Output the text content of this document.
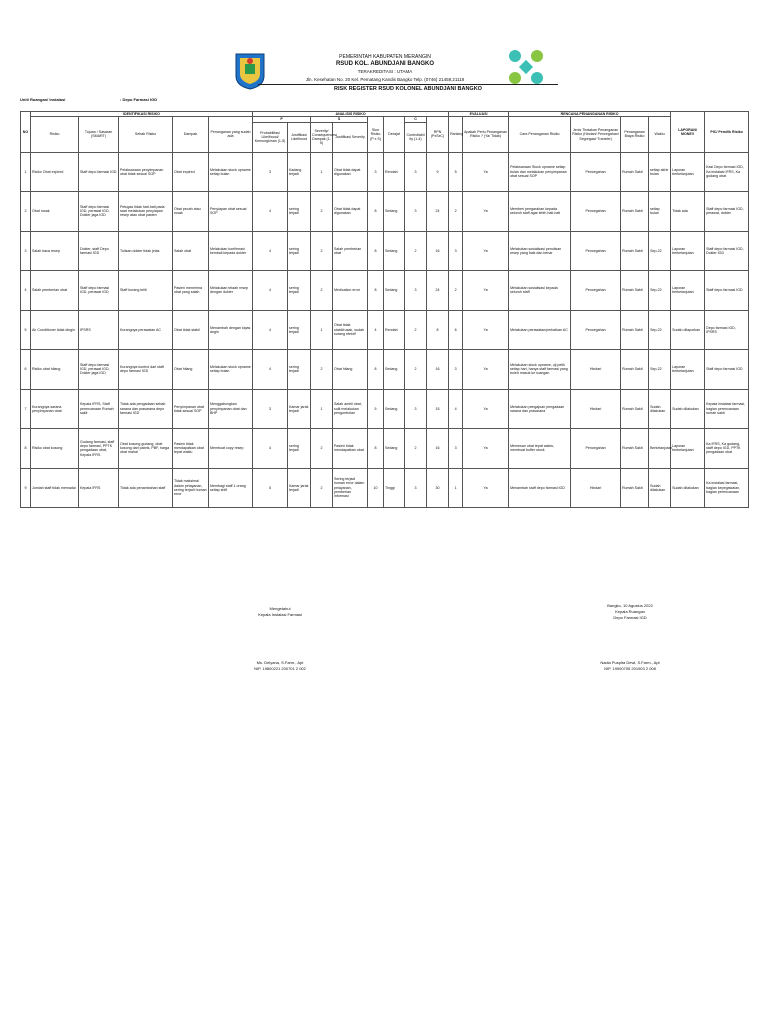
PEMERINTAH KABUPATEN MERANGIN
RSUD KOL. ABUNDJANI BANGKO
TERAKREDITASI : UTAMA
Jln. Kesehatan No. 20 Kel. Pematang Kandis Bangko Telp. (0746) 21459,21118
RISK REGISTER RSUD KOLONEL ABUNDJANI BANGKO
Unit/ Ruangan/ Instalasi	: Depo Farmasi IGD
NO	IDENTIFIKASI RISIKO					ANALISIS RISIKO								EVALUASI		RENCANA PENANGANAN RISIKO				LAPORAN/ MONEV	PIC/ Pemilik Risiko
	Risiko	Tujuan / Sasaran (SMART)	Sebab Risiko	Dampak	Penanganan yang sudah ada	P		S		Skor Risiko (P x S)	Derajat	C	RPN (PxSxC)	Ranking	Apakah Perlu Penanganan Risiko ? (Ya/ Tidak)	Cara Penanganan Risiko	Jenis Tindakan Penanganan Risiko (Hindari/ Pencegahan/ Segregasi/ Transfer)	Penanganan Biaya Risiko	Waktu		
						Probabilitas/ Likelihood/ Kemungkinan (1-5)	Justifikasi Likelihood	Severity/ Consequences/ Dampak (1-5)	Justifikasi Severity			Controllabil ity (1-4)									
1	Risiko Obat expired	Staff depo farmasi IGD	Pelaksanaan penyimpanan obat tidak sesuai SOP	Obat expired	Melakukan stock opname setiap bulan	3	Kadang terjadi	1	Obat tidak dapat digunakan	3	Rendah	3	9	5	Ya	Pelaksanaan Stock opname setiap bulan dan melakukan penyimpanan obat sesuai SOP	Pencegahan	Rumah Sakit	setiap akhir bulan	Laporan berkelanjutan	Kasi Depo farmasi IGD, Ka instalasi IFRS, Ka gudang obat
2	Obat rusak	Staff depo farmasi IGD, perawat IGD, Dokter jaga IGD	Petugas tidak hati-hati pada saat melakukan penyiapan resep atau obat pasien	Obat pecah atau rusak	Penyiapan obat sesuai SOP	4	sering terjadi	2	Obat tidak dapat digunakan	8	Sedang	3	24	2	Ya	Memberi pengarahan kepada seluruh staff agar lebih hati-hati	Pencegahan	Rumah Sakit	setiap bulan	Tidak ada	Staff depo farmasi IGD, perawat, dokter
3	Salah baca resep	Dokter, staff Depo farmasi IGD	Tulisan dokter tidak jelas	Salah obat	Melakukan konfirmasi kembali kepada dokter	4	sering terjadi	2	Salah pemberian obat	8	Sedang	2	16	3	Ya	Melakukan sosialisasi penulisan resep yang baik dan benar	Pencegahan	Rumah Sakit	Sep-22	Laporan berkelanjutan	Staff depo farmasi IGD, Dokter IGD
4	Salah pemberian obat	Staff depo farmasi IGD, perawat IGD	Staff kurang teliti	Pasien menerima obat yang salah	Melakukan telaah resep dengan dokter	4	sering terjadi	2	Medication error	8	Sedang	3	24	2	Ya	Melakukan sosialisasi kepada seluruh staff	Pencegahan	Rumah Sakit	Sep-22	Laporan berkelanjutan	Staff depo farmasi IGD
5	Air Conditioner tidak dingin	IPSRS	Kurangnya perawatan AC	Obat tidak stabil	Menambah dengan kipas angin	4	sering terjadi	1	Obat tidak stabil/rusak, sudah kurang efektif	4	Rendah	2	8	6	Ya	Melakukan perawatan/perbaikan AC	Pencegahan	Rumah Sakit	Sep-22	Sudah dilaporkan	Depo farmasi IGD, IPSRS
6	Risiko obat hilang	Staff depo farmasi IGD, perawat IGD, Dokter jaga IGD	Kurangnya kontrol dari staff depo farmasi IGD	Obat hilang	Melakukan stock opname setiap bulan	4	sering terjadi	2	Obat hilang	8	Sedang	2	16	3	Ya	Melakukan stock opname, uji petik setiap hari, hanya staff farmasi yang boleh masuk ke ruangan	Hindari	Rumah Sakit	Sep-22	Laporan berkelanjutan	Staff depo farmasi IGD
7	Kurangnya sarana penyimpanan obat	Kepala IFRS, Staff perencanaan Rumah sakit	Tidak ada pengadaan sebab sarana dan prasarana depo farmasi IGD	Penyimpanan obat tidak sesuai SOP	Menggabungkan penyimpanan obat dan BHP	3	Kamar jarak terjadi	1	Salah ambil obat, sulit melakukan pengontrolan	5	Sedang	3	15	4	Ya	Melakukan pengajuan pengadaan sarana dan prasarana	Hindari	Rumah Sakit	Sudah dilakukan	Sudah dilakukan	Kepala instalasi farmasi, bagian perencanaan rumah sakit
8	Risiko obat kosong	Gudang farmasi, staff depo farmasi, PPTK pengadaan obat, Kepala IFRS	Obat kosong gudang, obat kosong dari pabrik, PBF, harga obat mahal	Pasien tidak mendapatkan obat tepat waktu	Membuat copy resep	4	sering terjadi	2	Pasien tidak mendapatkan obat	8	Sedang	2	16	3	Ya	Memesan obat tepat waktu, membuat buffer stock	Pencegahan	Rumah Sakit	Berkelanjutan	Laporan berkelanjutan	Ka IFRS, Ka gudang, staff depo IGD, PPTK pengadaan obat
9	Jumlah staff tidak memadai	Kepala IFRS	Tidak ada penambahan staff	Tidak maksimal dalam pelayanan, sering terjadi human error	Membagi staff 1 orang setiap shift	5	Kamar jarak terjadi	2	Sering terjadi human error dalam pelayanan, pemberian informasi	10	Tinggi	3	30	1	Ya	Menambah staff depo farmasi IGD	Hindari	Rumah Sakit	Sudah dilakukan	Sudah dilakukan	Ka instalasi farmasi, bagian kepegawaian, bagian perencanaan
Mengetahui
Kepala Instalasi Farmasi
Ms. Delyana, S.Farm., Apt
NIP. 19800221 200701 2 002
Bangko, 10 Agustus 2022
Kepala Ruangan
Depo Farmasi IGD
Nadia Puspita Dewi, S.Farm., Apt
NIP. 19900705 201903 2 008
